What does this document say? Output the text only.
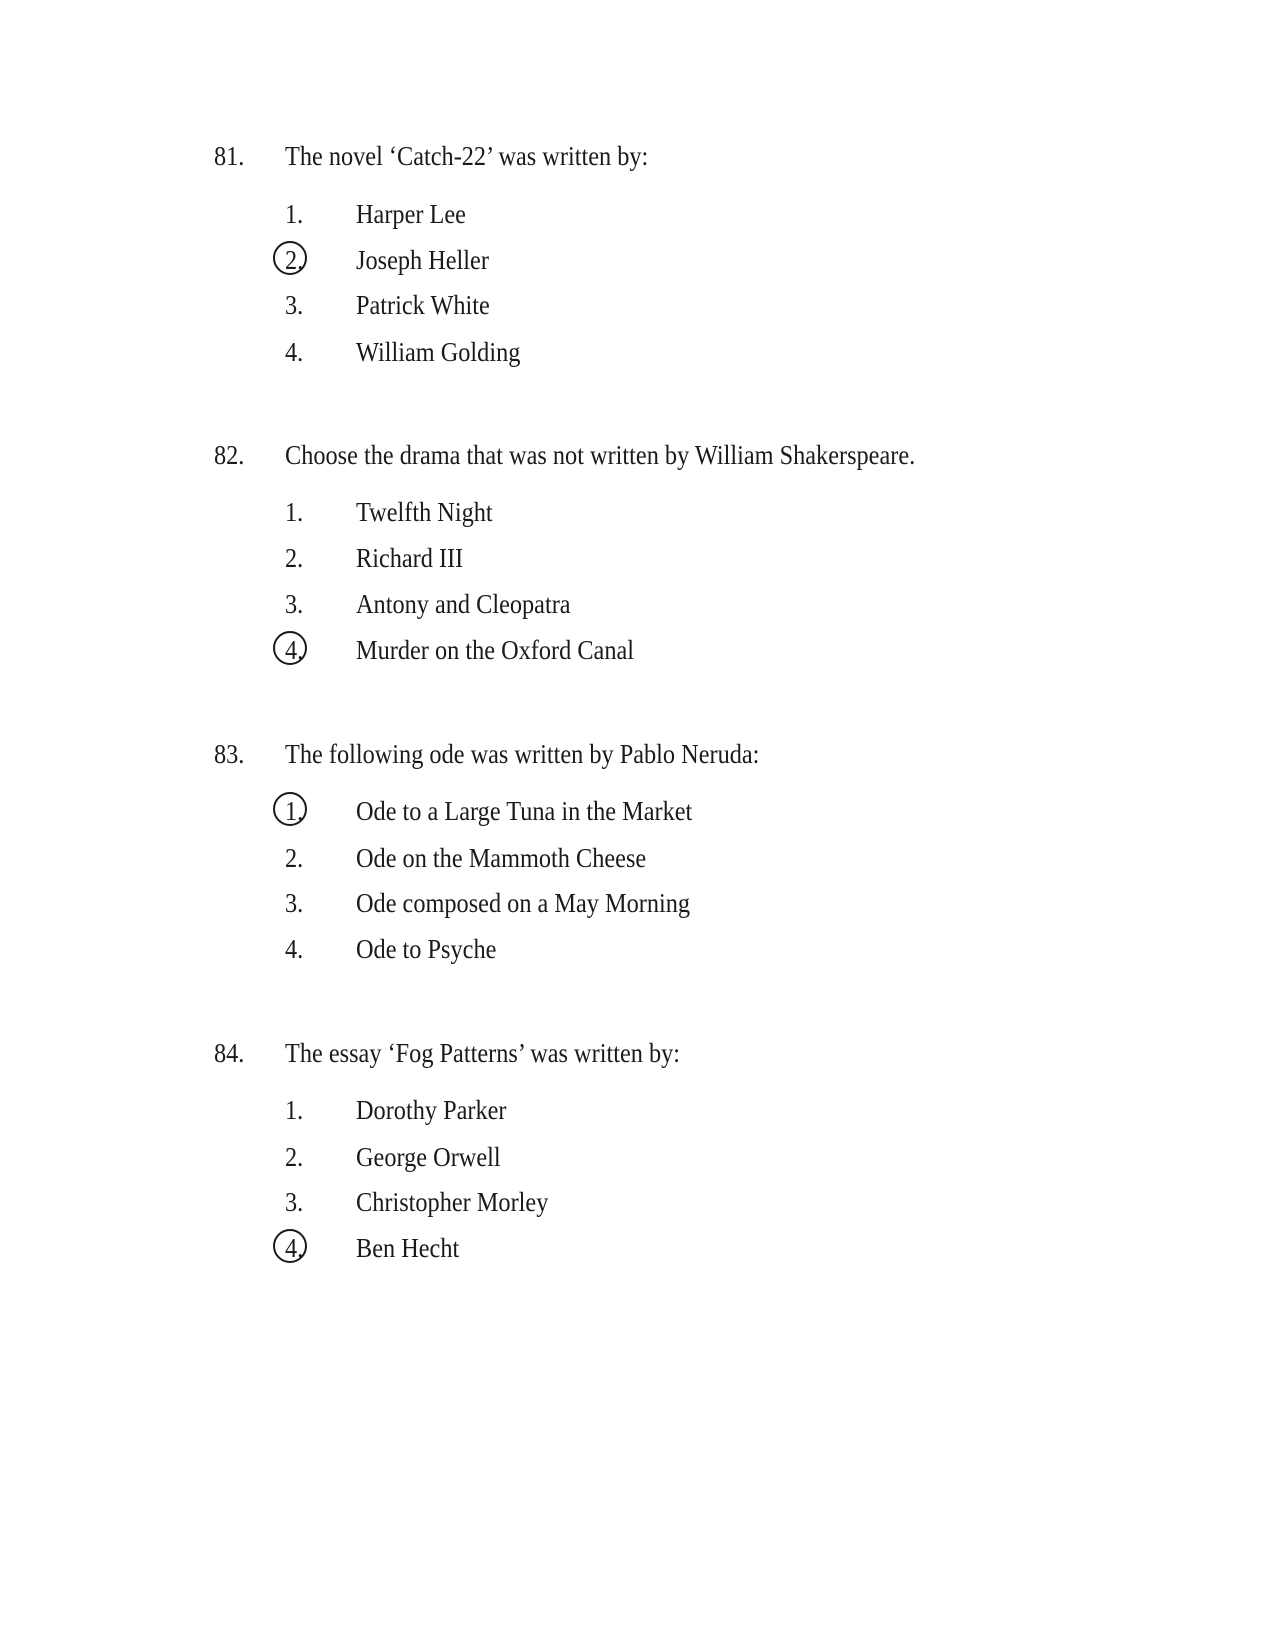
81. The novel ‘Catch-22’ was written by:
1. Harper Lee
2. Joseph Heller
3. Patrick White
4. William Golding
82. Choose the drama that was not written by William Shakerspeare.
1. Twelfth Night
2. Richard III
3. Antony and Cleopatra
4. Murder on the Oxford Canal
83. The following ode was written by Pablo Neruda:
1. Ode to a Large Tuna in the Market
2. Ode on the Mammoth Cheese
3. Ode composed on a May Morning
4. Ode to Psyche
84. The essay ‘Fog Patterns’ was written by:
1. Dorothy Parker
2. George Orwell
3. Christopher Morley
4. Ben Hecht
